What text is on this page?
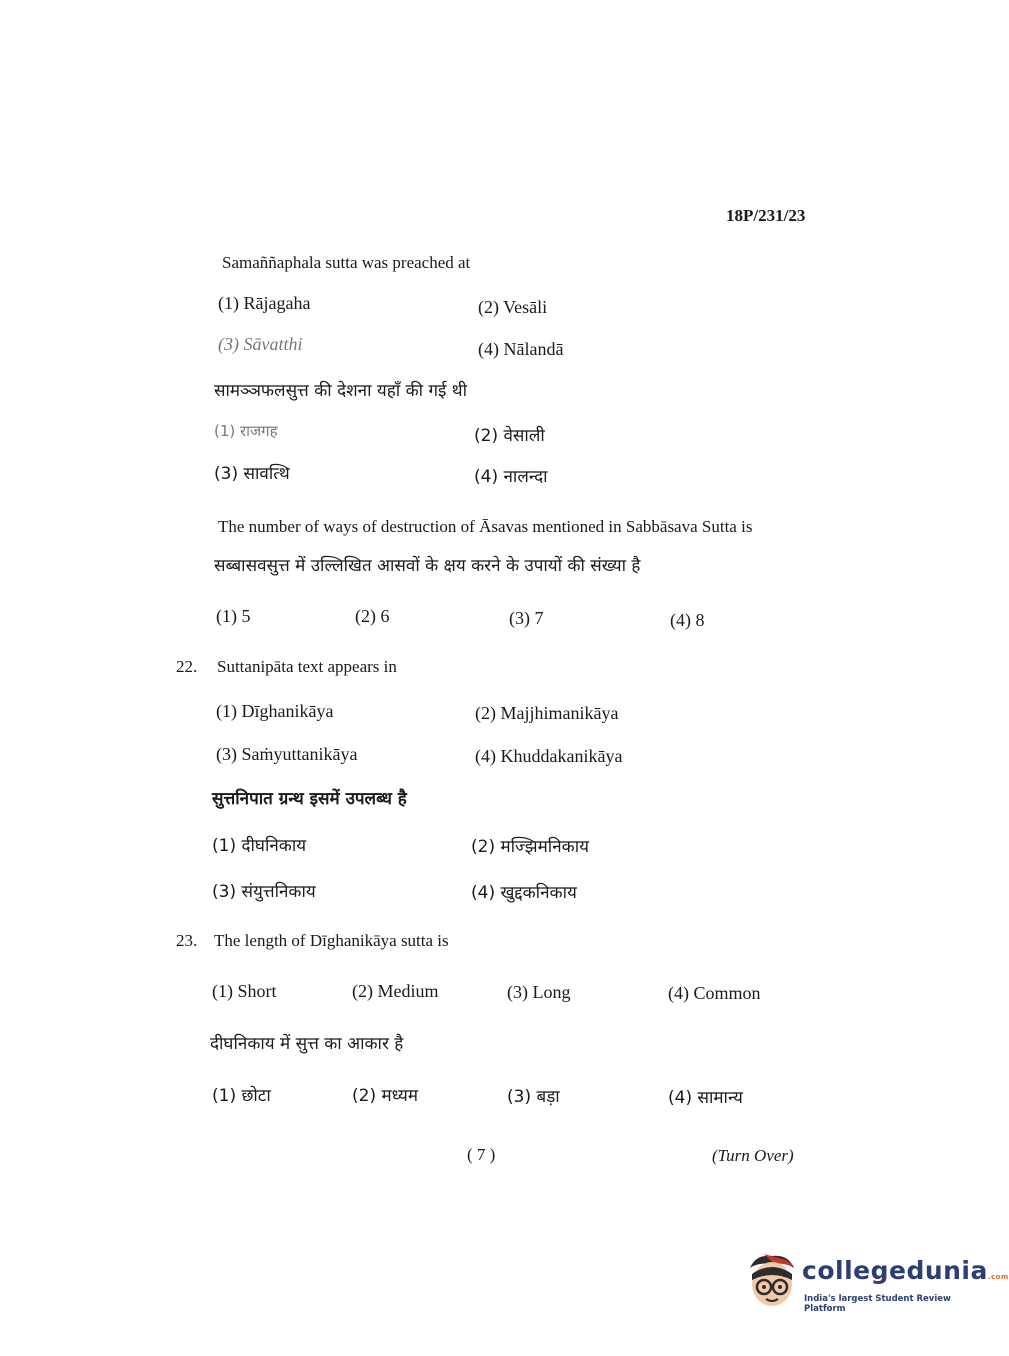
18P/231/23
Samaññaphala sutta was preached at
(1) Rājagaha	(2) Vesāli
(3) Sāvatthi	(4) Nālandā
सामञ्ञफलसुत्त की देशना यहाँ की गई थी
(1) राजगह	(2) वेसाली
(3) सावत्थि	(4) नालन्दा
The number of ways of destruction of Āsavas mentioned in Sabbāsava Sutta is
सब्बासवसुत्त में उल्लिखित आसवों के क्षय करने के उपायों की संख्या है
(1) 5	(2) 6	(3) 7	(4) 8
22. Suttanipāta text appears in
(1) Dīghanikāya	(2) Majjhimanikāya
(3) Saṁyuttanikāya	(4) Khuddakanikāya
सुत्तनिपात ग्रन्थ इसमें उपलब्ध है
(1) दीघनिकाय	(2) मज्झिमनिकाय
(3) संयुत्तनिकाय	(4) खुद्दकनिकाय
23. The length of Dīghanikāya sutta is
(1) Short	(2) Medium	(3) Long	(4) Common
दीघनिकाय में सुत्त का आकार है
(1) छोटा	(2) मध्यम	(3) बड़ा	(4) सामान्य
( 7 )	(Turn Over)
collegedunia.com
India's largest Student Review Platform
